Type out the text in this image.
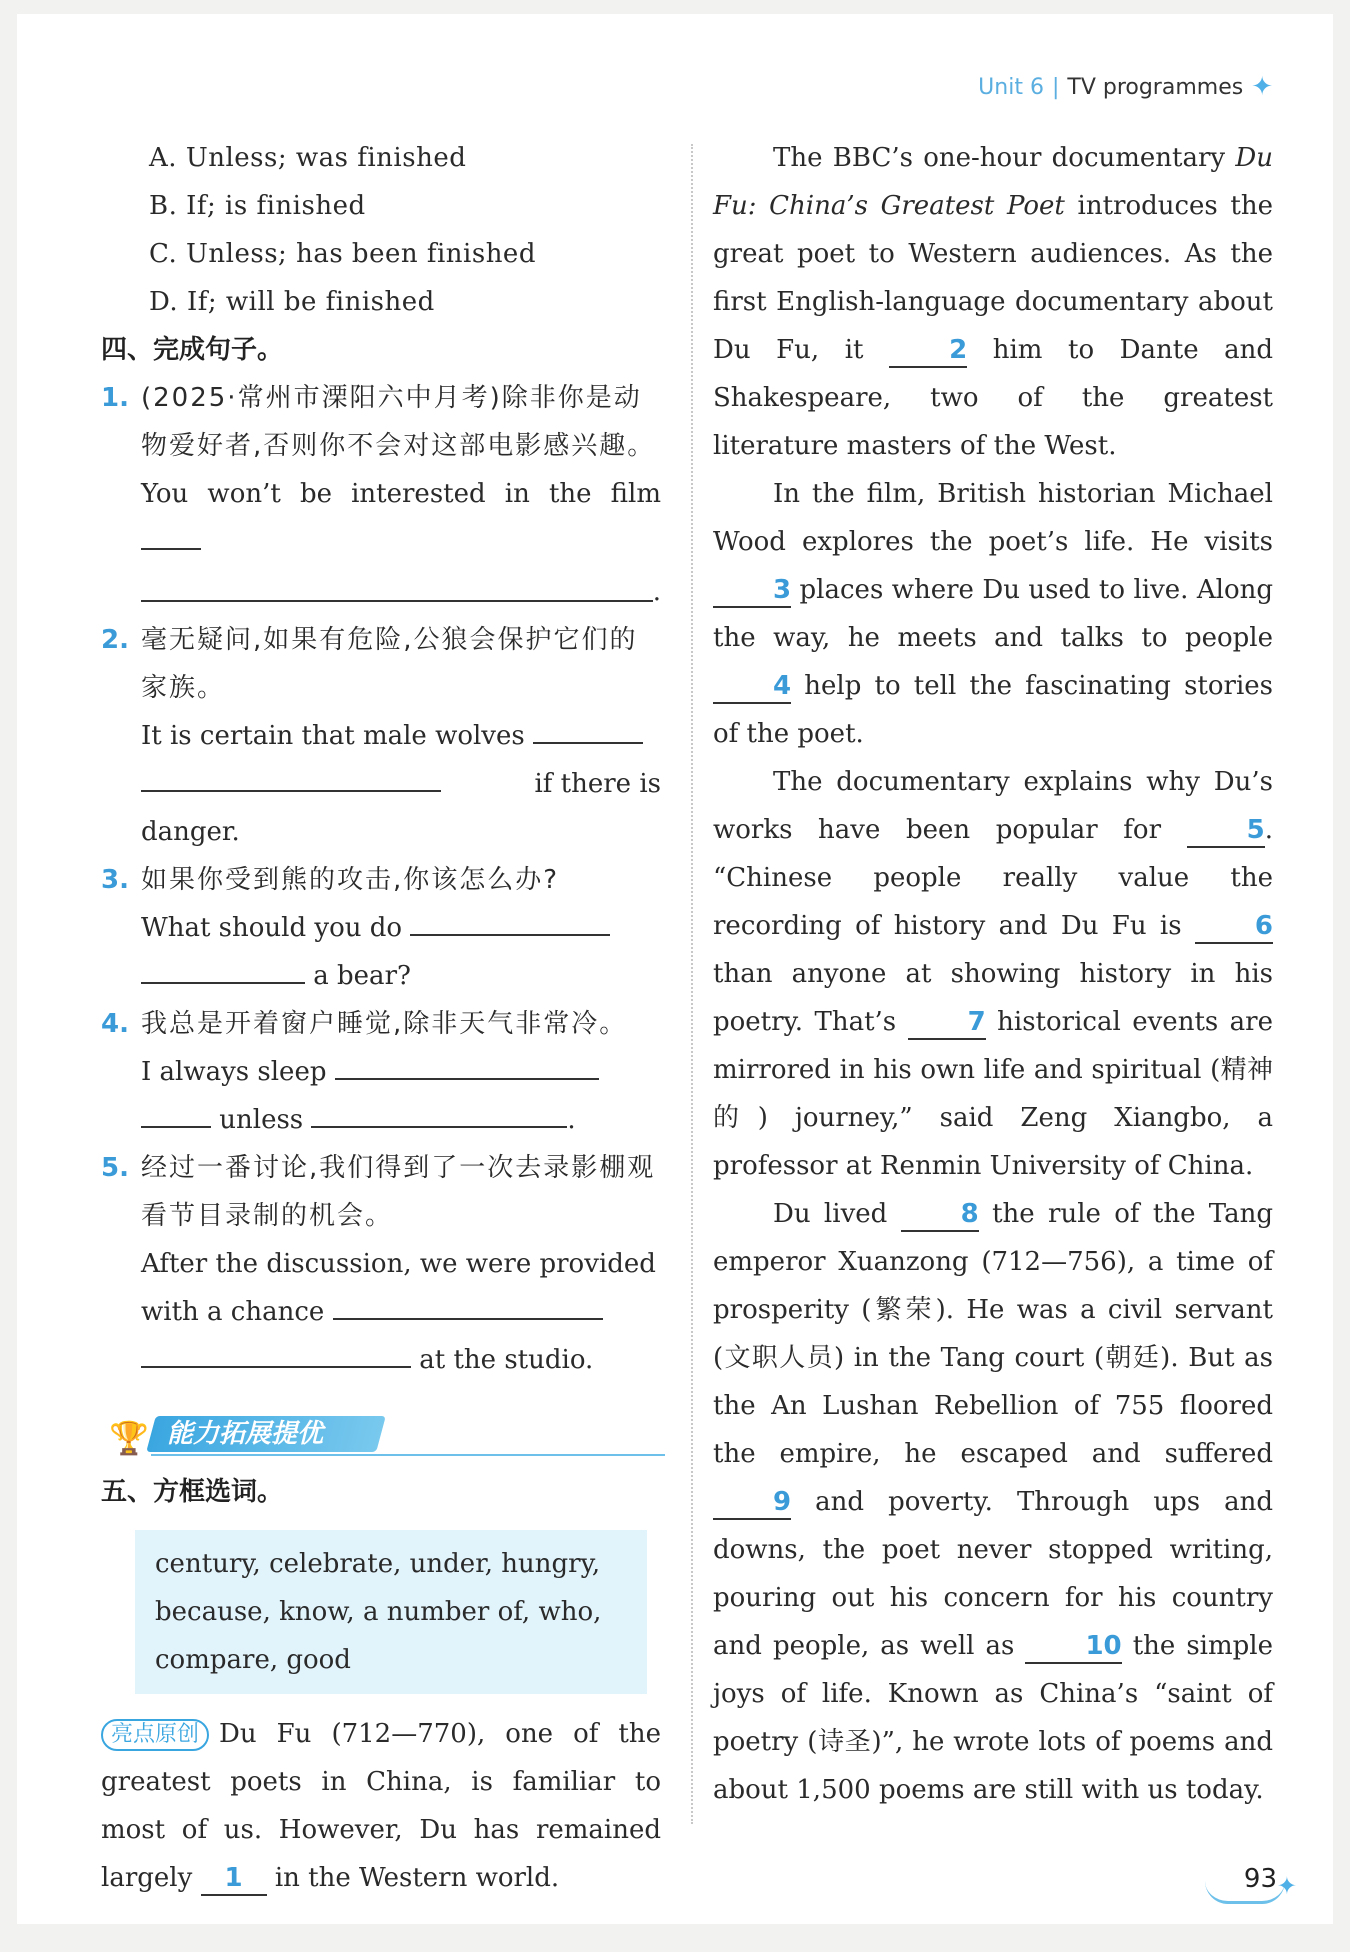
Unit 6 | TV programmes ✦
A. Unless; was finished
B. If; is finished
C. Unless; has been finished
D. If; will be finished
四、完成句子。
1. (2025·常州市溧阳六中月考)除非你是动物爱好者,否则你不会对这部电影感兴趣。
You won’t be interested in the film
.
2. 毫无疑问,如果有危险,公狼会保护它们的家族。
It is certain that male wolves
if there is
danger.
3. 如果你受到熊的攻击,你该怎么办?
What should you do
a bear?
4. 我总是开着窗户睡觉,除非天气非常冷。
I always sleep
unless	.
5. 经过一番讨论,我们得到了一次去录影棚观看节目录制的机会。
After the discussion, we were provided
with a chance
at the studio.
🏆 能力拓展提优
五、方框选词。
century, celebrate, under, hungry, because, know, a number of, who, compare, good

亮点原创 Du Fu (712—770), one of the greatest poets in China, is familiar to most of us. However, Du has remained largely 1 in the Western world.

The BBC’s one-hour documentary Du Fu: China’s Greatest Poet introduces the great poet to Western audiences. As the first English-language documentary about Du Fu, it	2 him to Dante and Shakespeare, two of the greatest literature masters of the West.

In the film, British historian Michael Wood explores the poet’s life. He visits 3 places where Du used to live. Along the way, he meets and talks to people 4 help to tell the fascinating stories of the poet.

The documentary explains why Du’s works have been popular for	5. “Chinese people really value the recording of history and Du Fu is	6 than anyone at showing history in his poetry. That’s	7 historical events are mirrored in his own life and spiritual (精神的) journey,” said Zeng Xiangbo, a professor at Renmin University of China.

Du lived	8 the rule of the Tang emperor Xuanzong (712—756), a time of prosperity (繁荣). He was a civil servant (文职人员) in the Tang court (朝廷). But as the An Lushan Rebellion of 755 floored the empire, he escaped and suffered 9 and poverty. Through ups and downs, the poet never stopped writing, pouring out his concern for his country and people, as well as	10 the simple joys of life. Known as China’s “saint of poetry (诗圣)”, he wrote lots of poems and about 1,500 poems are still with us today.

93 ✦
